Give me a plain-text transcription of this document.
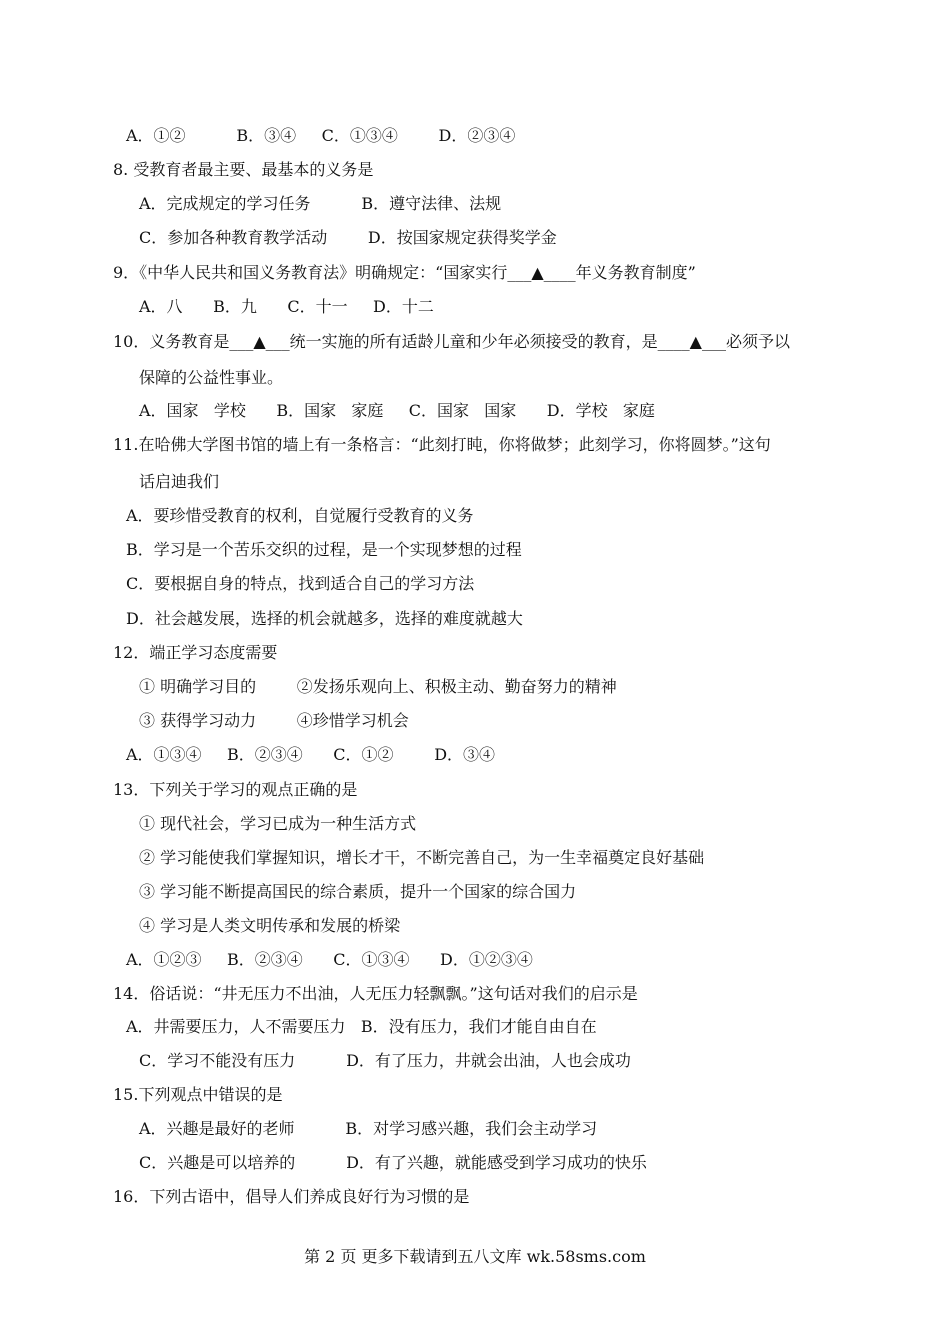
A．①②          B．③④     C．①③④        D．②③④
8. 受教育者最主要、最基本的义务是
A．完成规定的学习任务          B．遵守法律、法规
C．参加各种教育教学活动        D．按国家规定获得奖学金
9．《中华人民共和国义务教育法》明确规定：“国家实行___▲____年义务教育制度”
A．八      B．九      C．十一     D．十二
10．义务教育是___▲___统一实施的所有适龄儿童和少年必须接受的教育，是____▲___必须予以
保障的公益性事业。
A．国家   学校      B．国家   家庭     C．国家   国家      D．学校   家庭
11.在哈佛大学图书馆的墙上有一条格言：“此刻打盹，你将做梦；此刻学习，你将圆梦。”这句
话启迪我们
A．要珍惜受教育的权利，自觉履行受教育的义务
B．学习是一个苦乐交织的过程，是一个实现梦想的过程
C．要根据自身的特点，找到适合自己的学习方法
D．社会越发展，选择的机会就越多，选择的难度就越大
12．端正学习态度需要
① 明确学习目的        ②发扬乐观向上、积极主动、勤奋努力的精神
③ 获得学习动力        ④珍惜学习机会
A．①③④     B．②③④      C．①②        D．③④
13．下列关于学习的观点正确的是
① 现代社会，学习已成为一种生活方式
② 学习能使我们掌握知识，增长才干，不断完善自己，为一生幸福奠定良好基础
③ 学习能不断提高国民的综合素质，提升一个国家的综合国力
④ 学习是人类文明传承和发展的桥梁
A．①②③     B．②③④      C．①③④      D．①②③④
14．俗话说：“井无压力不出油，人无压力轻飘飘。”这句话对我们的启示是
A．井需要压力，人不需要压力   B．没有压力，我们才能自由自在
C．学习不能没有压力          D．有了压力，井就会出油，人也会成功
15.下列观点中错误的是
A．兴趣是最好的老师          B．对学习感兴趣，我们会主动学习
C．兴趣是可以培养的          D．有了兴趣，就能感受到学习成功的快乐
16．下列古语中，倡导人们养成良好行为习惯的是
第 2 页 更多下载请到五八文库 wk.58sms.com
